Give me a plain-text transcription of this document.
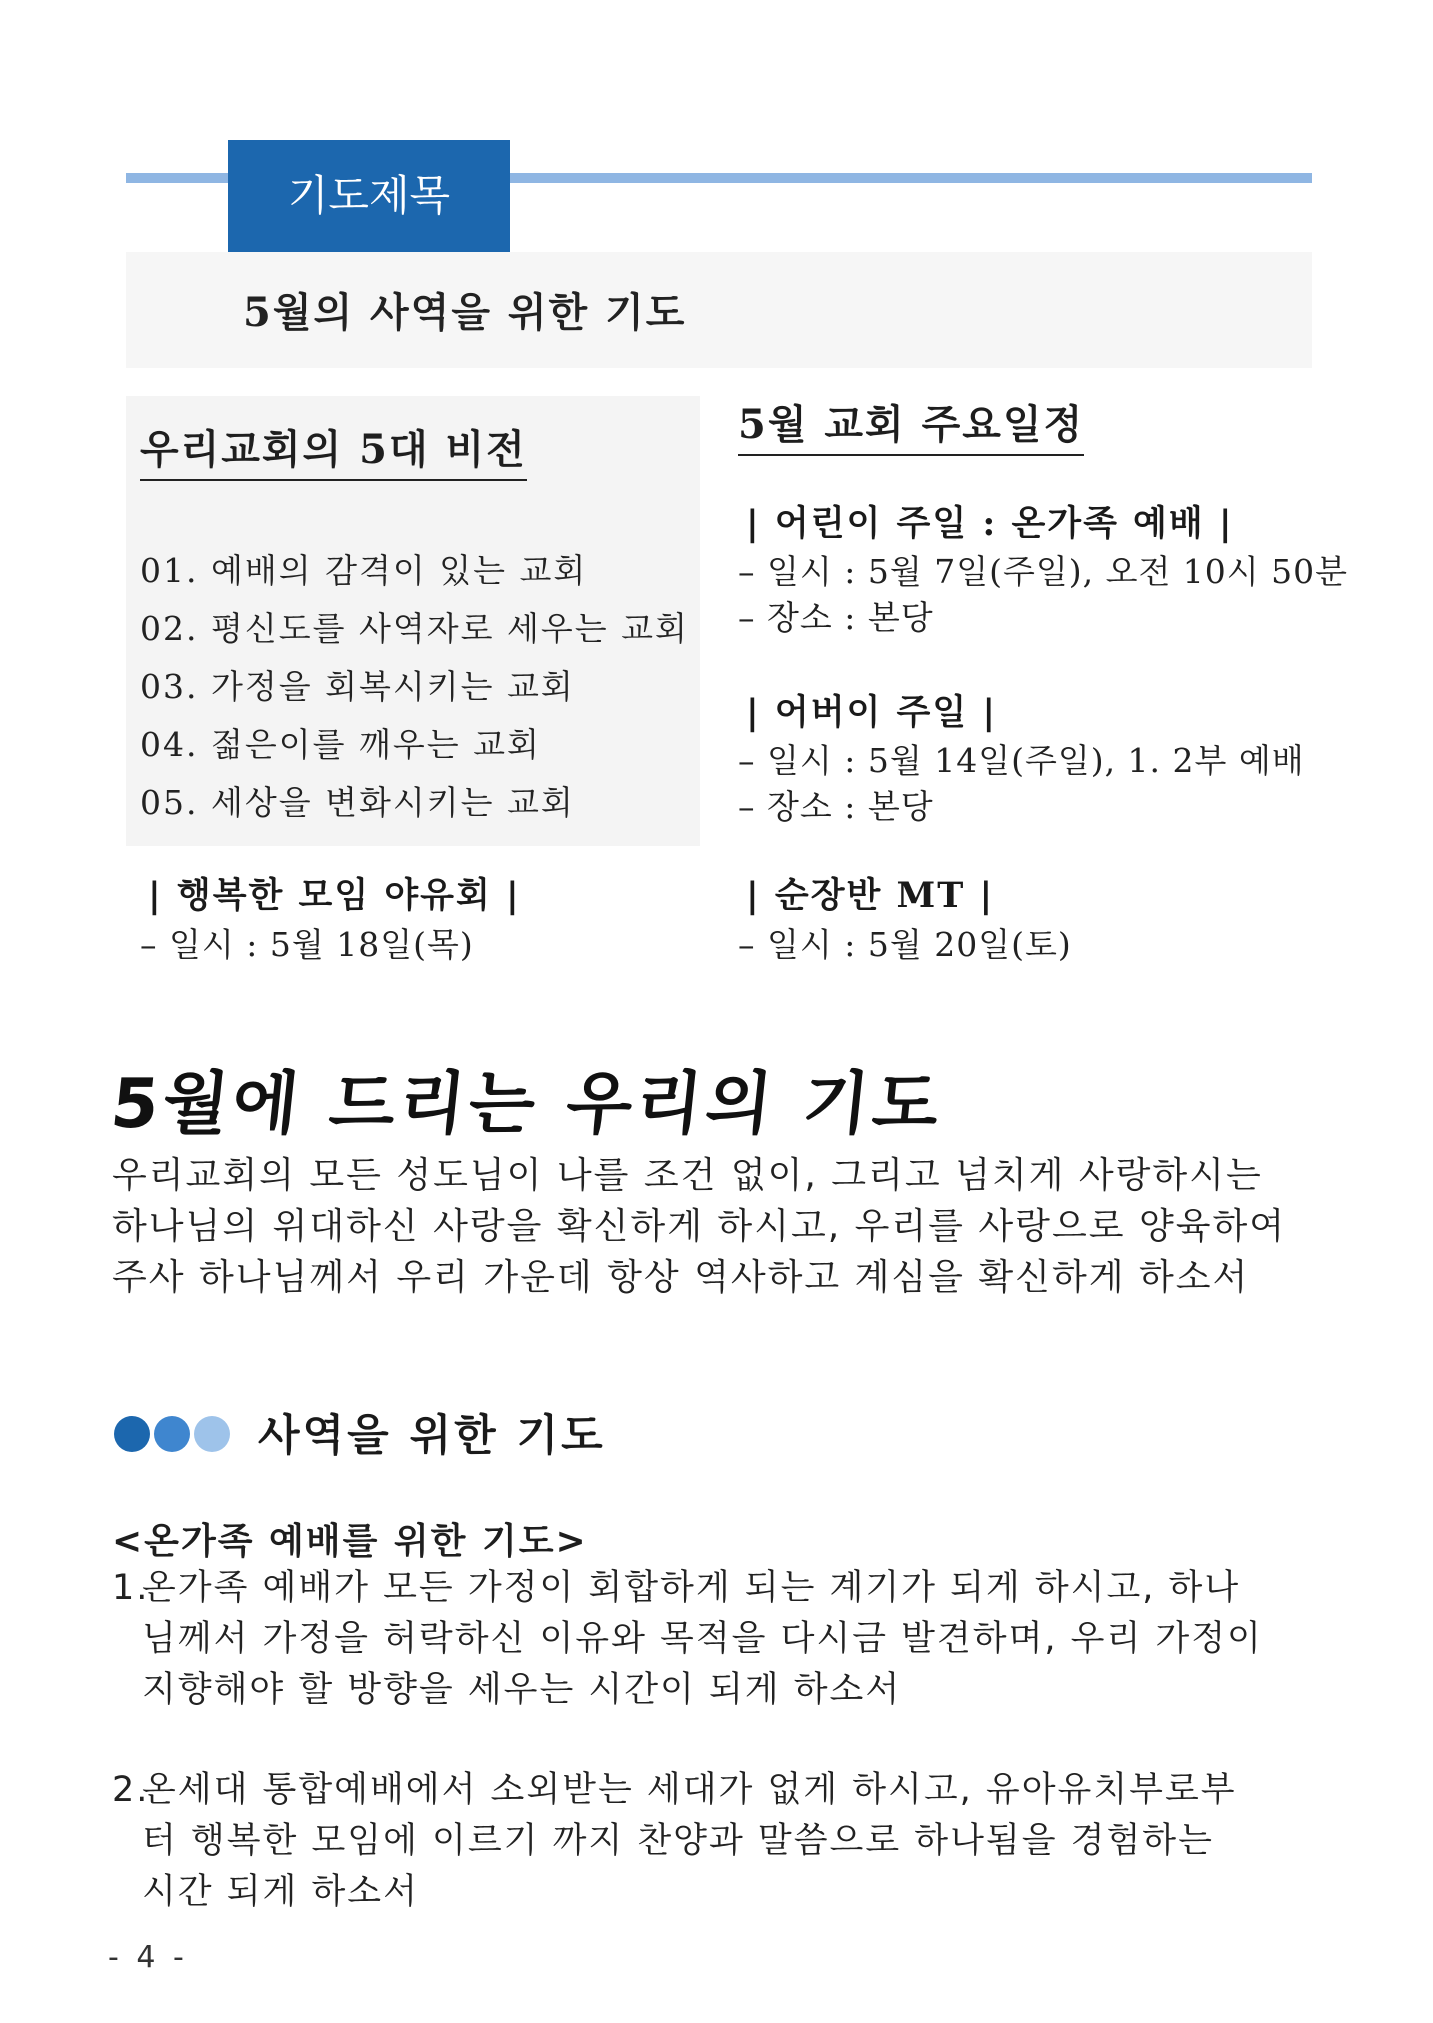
기도제목
5월의 사역을 위한 기도
우리교회의 5대 비전
01. 예배의 감격이 있는 교회
02. 평신도를 사역자로 세우는 교회
03. 가정을 회복시키는 교회
04. 젊은이를 깨우는 교회
05. 세상을 변화시키는 교회
5월 교회 주요일정
| 어린이 주일 : 온가족 예배 |
– 일시 : 5월 7일(주일), 오전 10시 50분
– 장소 : 본당
| 어버이 주일 |
– 일시 : 5월 14일(주일), 1. 2부 예배
– 장소 : 본당
| 행복한 모임 야유회 |
– 일시 : 5월 18일(목)
| 순장반 MT |
– 일시 : 5월 20일(토)
5월에 드리는 우리의 기도
우리교회의 모든 성도님이 나를 조건 없이, 그리고 넘치게 사랑하시는
하나님의 위대하신 사랑을 확신하게 하시고, 우리를 사랑으로 양육하여
주사 하나님께서 우리 가운데 항상 역사하고 계심을 확신하게 하소서
사역을 위한 기도
<온가족 예배를 위한 기도>
1.온가족 예배가 모든 가정이 회합하게 되는 계기가 되게 하시고, 하나
님께서 가정을 허락하신 이유와 목적을 다시금 발견하며, 우리 가정이
지향해야 할 방향을 세우는 시간이 되게 하소서
2.온세대 통합예배에서 소외받는 세대가 없게 하시고, 유아유치부로부
터 행복한 모임에 이르기 까지 찬양과 말씀으로 하나됨을 경험하는
시간 되게 하소서
- 4 -
